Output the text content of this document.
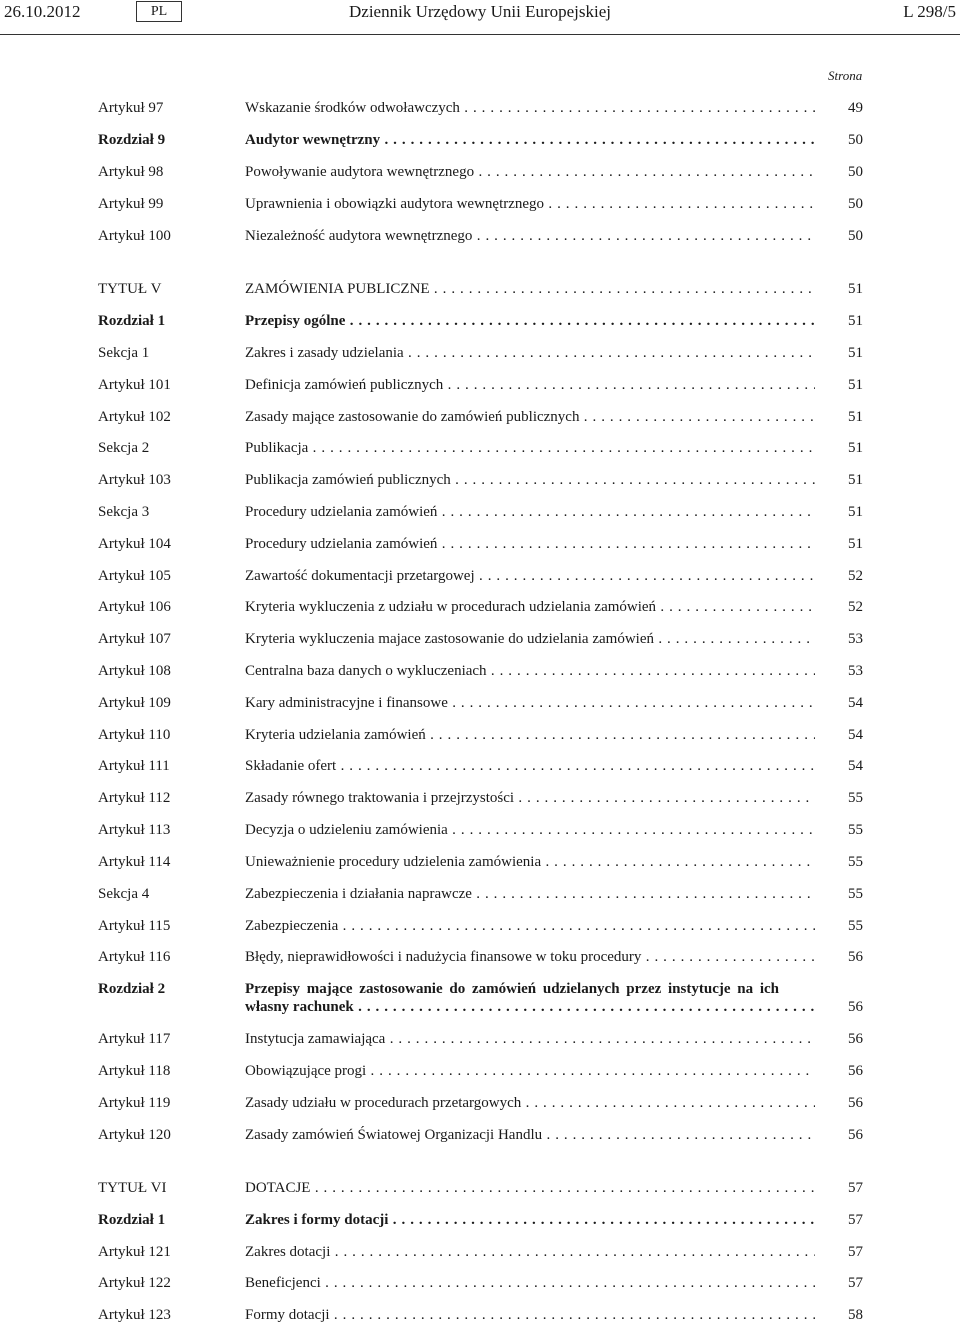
26.10.2012	PL	Dziennik Urzędowy Unii Europejskiej	L 298/5
Strona
Artykuł 97	Wskazanie środków odwoławczych . . .	49
Rozdział 9	Audytor wewnętrzny . . .	50
Artykuł 98	Powoływanie audytora wewnętrznego . . .	50
Artykuł 99	Uprawnienia i obowiązki audytora wewnętrznego . . .	50
Artykuł 100	Niezależność audytora wewnętrznego . . .	50
TYTUŁ V	ZAMÓWIENIA PUBLICZNE . . .	51
Rozdział 1	Przepisy ogólne . . .	51
Sekcja 1	Zakres i zasady udzielania . . .	51
Artykuł 101	Definicja zamówień publicznych . . .	51
Artykuł 102	Zasady mające zastosowanie do zamówień publicznych . . .	51
Sekcja 2	Publikacja . . .	51
Artykuł 103	Publikacja zamówień publicznych . . .	51
Sekcja 3	Procedury udzielania zamówień . . .	51
Artykuł 104	Procedury udzielania zamówień . . .	51
Artykuł 105	Zawartość dokumentacji przetargowej . . .	52
Artykuł 106	Kryteria wykluczenia z udziału w procedurach udzielania zamówień . . .	52
Artykuł 107	Kryteria wykluczenia majace zastosowanie do udzielania zamówień . . .	53
Artykuł 108	Centralna baza danych o wykluczeniach . . .	53
Artykuł 109	Kary administracyjne i finansowe . . .	54
Artykuł 110	Kryteria udzielania zamówień . . .	54
Artykuł 111	Składanie ofert . . .	54
Artykuł 112	Zasady równego traktowania i przejrzystości . . .	55
Artykuł 113	Decyzja o udzieleniu zamówienia . . .	55
Artykuł 114	Unieważnienie procedury udzielenia zamówienia . . .	55
Sekcja 4	Zabezpieczenia i działania naprawcze . . .	55
Artykuł 115	Zabezpieczenia . . .	55
Artykuł 116	Błędy, nieprawidłowości i nadużycia finansowe w toku procedury . . .	56
Rozdział 2	Przepisy mające zastosowanie do zamówień udzielanych przez instytucje na ich
własny rachunek . . .	56
Artykuł 117	Instytucja zamawiająca . . .	56
Artykuł 118	Obowiązujące progi . . .	56
Artykuł 119	Zasady udziału w procedurach przetargowych . . .	56
Artykuł 120	Zasady zamówień Światowej Organizacji Handlu . . .	56
TYTUŁ VI	DOTACJE . . .	57
Rozdział 1	Zakres i formy dotacji . . .	57
Artykuł 121	Zakres dotacji . . .	57
Artykuł 122	Beneficjenci . . .	57
Artykuł 123	Formy dotacji . . .	58
